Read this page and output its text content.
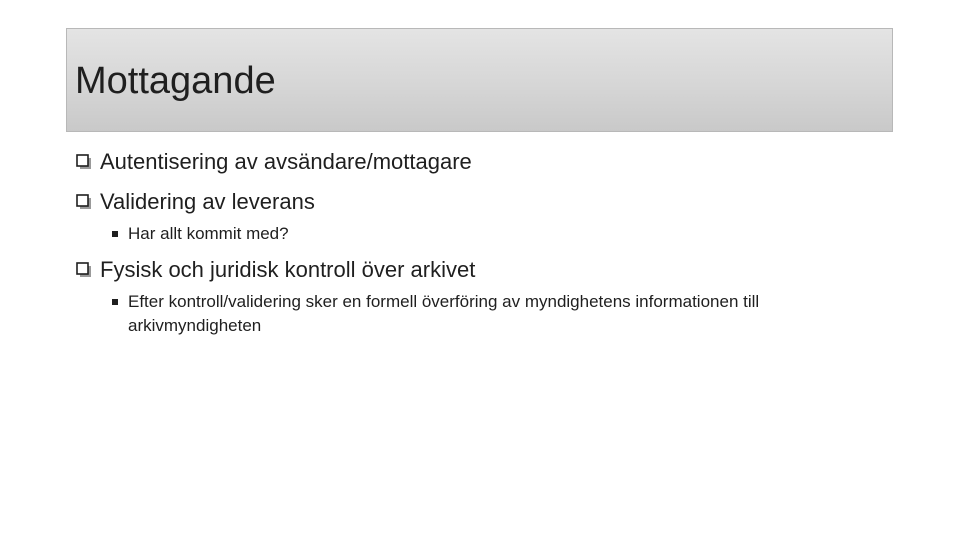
Mottagande
Autentisering av avsändare/mottagare
Validering av leverans
Har allt kommit med?
Fysisk och juridisk kontroll över arkivet
Efter kontroll/validering sker en formell överföring av myndighetens informationen till arkivmyndigheten
